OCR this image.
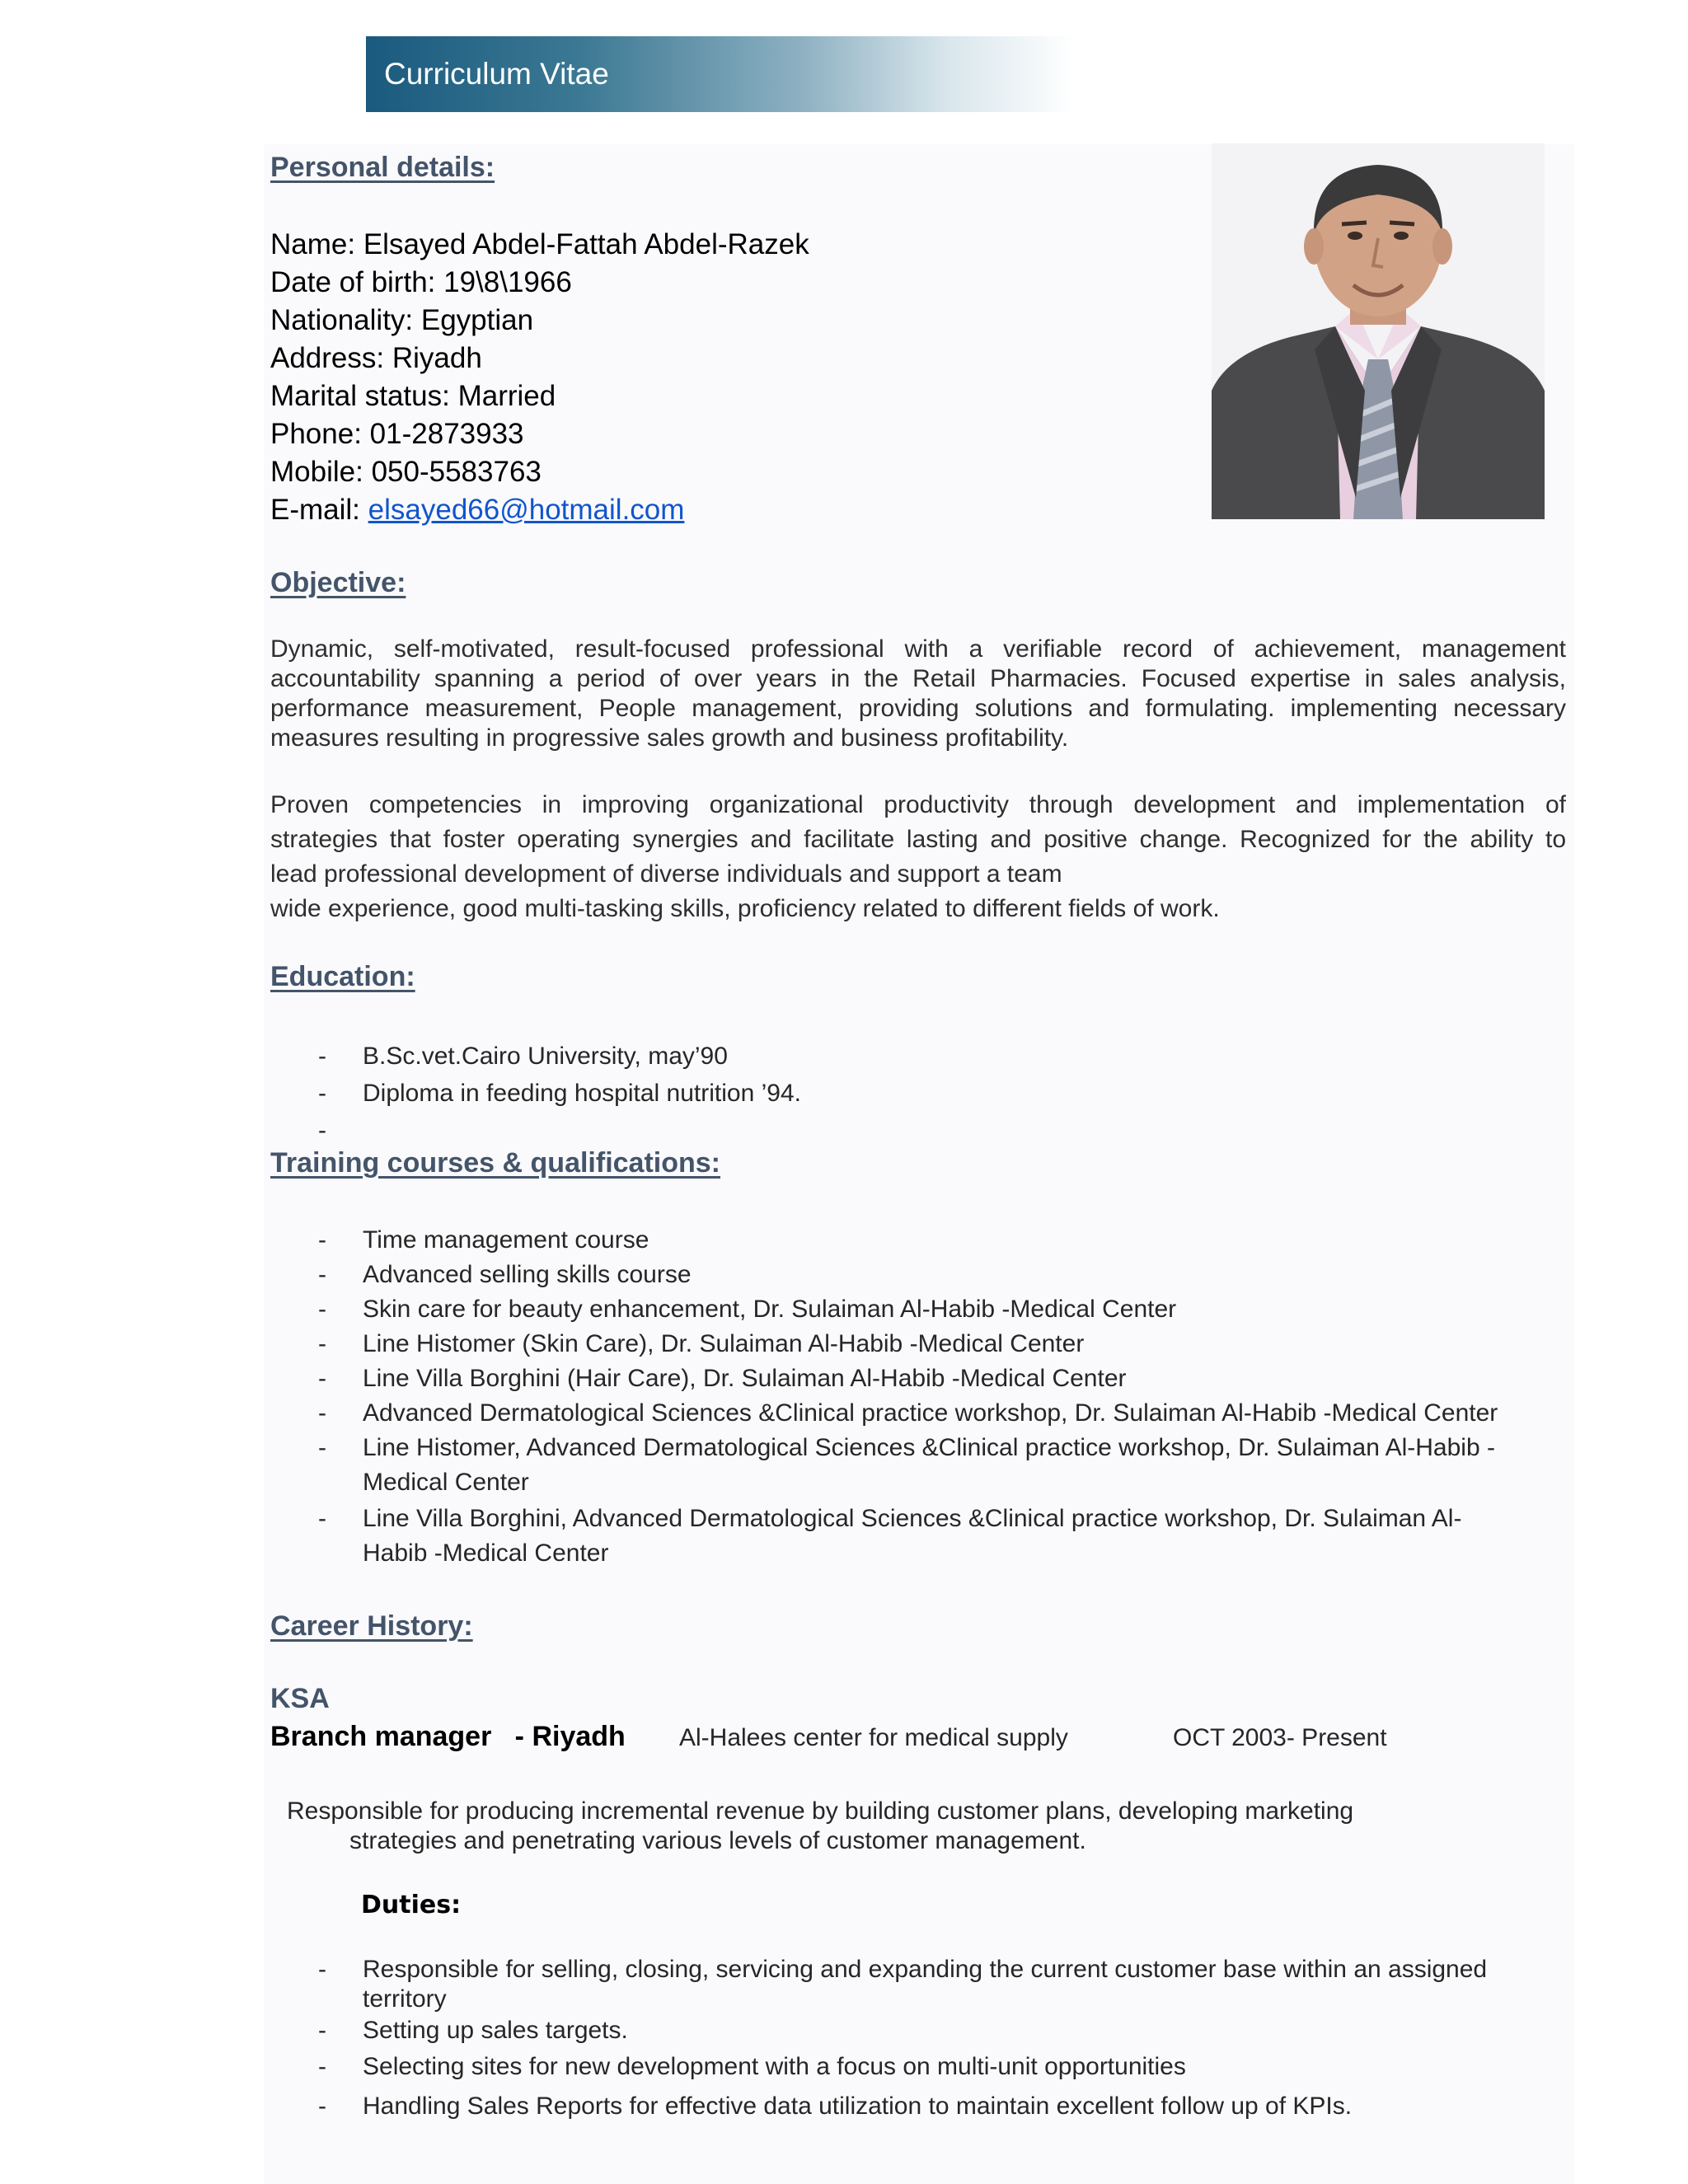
Curriculum Vitae
Personal details:
Name: Elsayed Abdel-Fattah Abdel-Razek
Date of birth: 19\8\1966
Nationality: Egyptian
Address: Riyadh
Marital status: Married
Phone: 01-2873933
Mobile: 050-5583763
E-mail: elsayed66@hotmail.com
Objective:
Dynamic, self-motivated, result-focused professional with a verifiable record of achievement, management
accountability spanning a period of over years in the Retail Pharmacies. Focused expertise in sales analysis,
performance measurement, People management, providing solutions and formulating. implementing necessary
measures resulting in progressive sales growth and business profitability.
Proven competencies in improving organizational productivity through development and implementation of
strategies that foster operating synergies and facilitate lasting and positive change. Recognized for the ability to
lead professional development of diverse individuals and support a team
wide experience, good multi-tasking skills, proficiency related to different fields of work.
Education:
- B.Sc.vet.Cairo University, may’90
- Diploma in feeding hospital nutrition ’94.
-
Training courses & qualifications:
- Time management course
- Advanced selling skills course
- Skin care for beauty enhancement, Dr. Sulaiman Al-Habib -Medical Center
- Line Histomer (Skin Care), Dr. Sulaiman Al-Habib -Medical Center
- Line Villa Borghini (Hair Care), Dr. Sulaiman Al-Habib -Medical Center
- Advanced Dermatological Sciences &Clinical practice workshop, Dr. Sulaiman Al-Habib -Medical Center
- Line Histomer, Advanced Dermatological Sciences &Clinical practice workshop, Dr. Sulaiman Al-Habib -
Medical Center
- Line Villa Borghini, Advanced Dermatological Sciences &Clinical practice workshop, Dr. Sulaiman Al-
Habib -Medical Center
Career History:
KSA
Branch manager - Riyadh Al-Halees center for medical supply	OCT 2003- Present
Responsible for producing incremental revenue by building customer plans, developing marketing
strategies and penetrating various levels of customer management.
Duties:
- Responsible for selling, closing, servicing and expanding the current customer base within an assigned
territory
- Setting up sales targets.
- Selecting sites for new development with a focus on multi-unit opportunities
- Handling Sales Reports for effective data utilization to maintain excellent follow up of KPIs.
